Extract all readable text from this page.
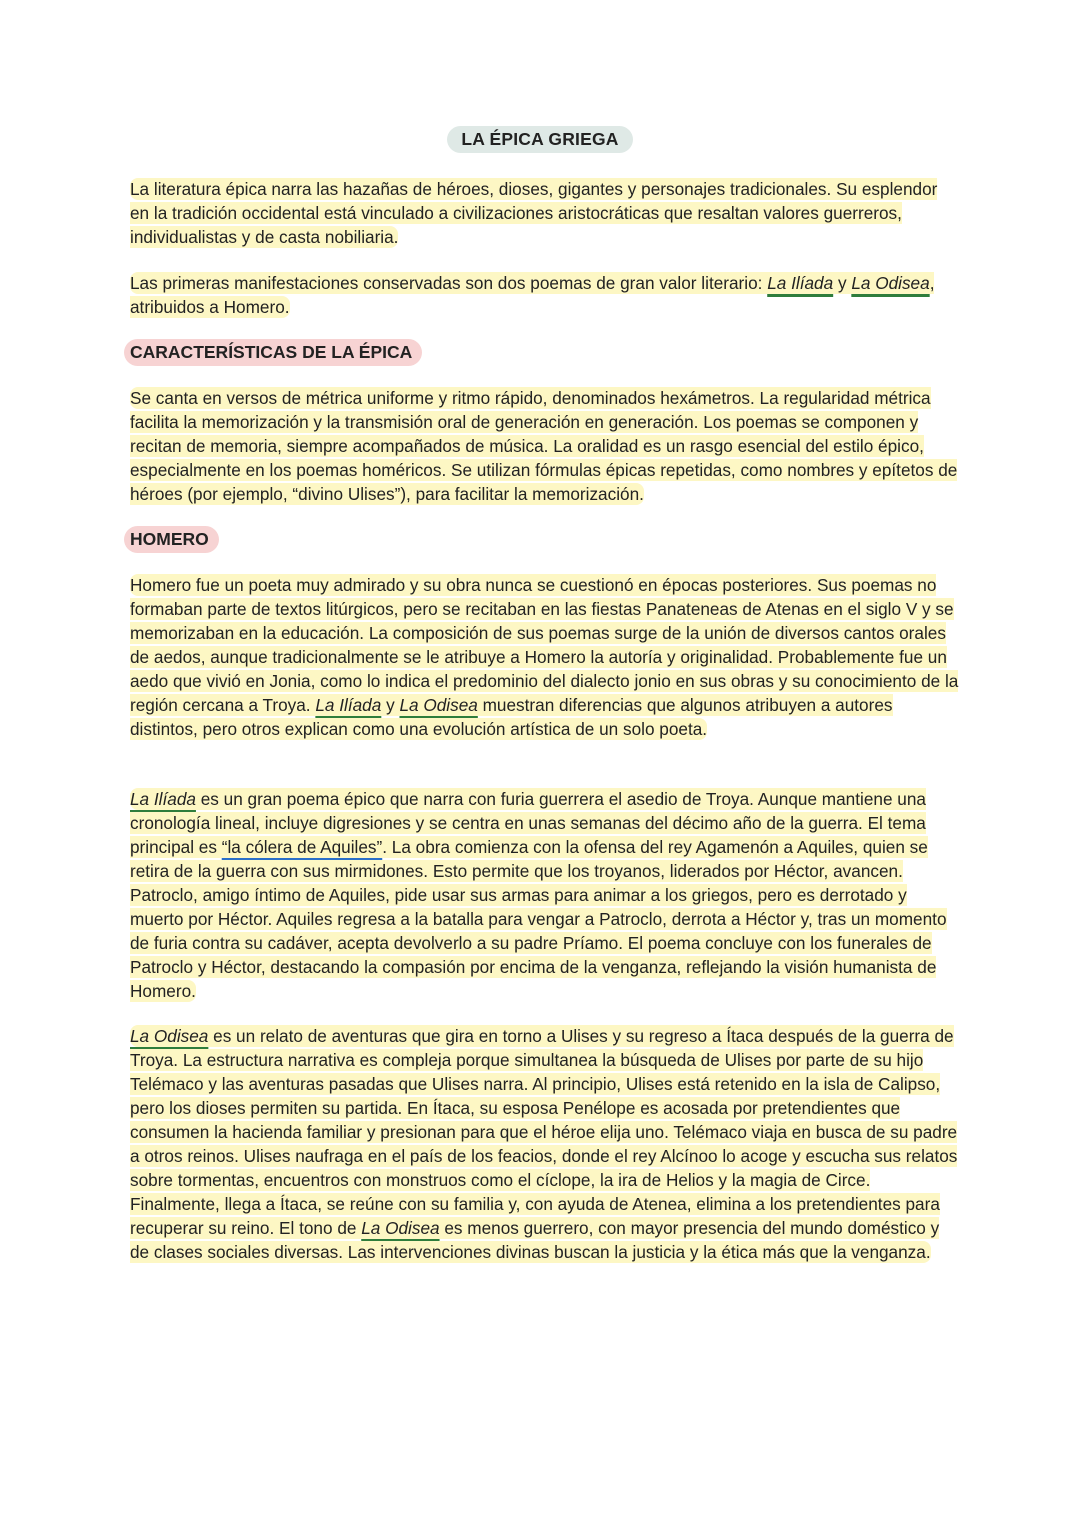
LA ÉPICA GRIEGA

La literatura épica narra las hazañas de héroes, dioses, gigantes y personajes tradicionales. Su esplendor en la tradición occidental está vinculado a civilizaciones aristocráticas que resaltan valores guerreros, individualistas y de casta nobiliaria.

Las primeras manifestaciones conservadas son dos poemas de gran valor literario: La Ilíada y La Odisea, atribuidos a Homero.

CARACTERÍSTICAS DE LA ÉPICA

Se canta en versos de métrica uniforme y ritmo rápido, denominados hexámetros. La regularidad métrica facilita la memorización y la transmisión oral de generación en generación. Los poemas se componen y recitan de memoria, siempre acompañados de música. La oralidad es un rasgo esencial del estilo épico, especialmente en los poemas homéricos. Se utilizan fórmulas épicas repetidas, como nombres y epítetos de héroes (por ejemplo, “divino Ulises”), para facilitar la memorización.

HOMERO

Homero fue un poeta muy admirado y su obra nunca se cuestionó en épocas posteriores. Sus poemas no formaban parte de textos litúrgicos, pero se recitaban en las fiestas Panateneas de Atenas en el siglo V y se memorizaban en la educación. La composición de sus poemas surge de la unión de diversos cantos orales de aedos, aunque tradicionalmente se le atribuye a Homero la autoría y originalidad. Probablemente fue un aedo que vivió en Jonia, como lo indica el predominio del dialecto jonio en sus obras y su conocimiento de la región cercana a Troya. La Ilíada y La Odisea muestran diferencias que algunos atribuyen a autores distintos, pero otros explican como una evolución artística de un solo poeta.

La Ilíada es un gran poema épico que narra con furia guerrera el asedio de Troya. Aunque mantiene una cronología lineal, incluye digresiones y se centra en unas semanas del décimo año de la guerra. El tema principal es “la cólera de Aquiles”. La obra comienza con la ofensa del rey Agamenón a Aquiles, quien se retira de la guerra con sus mirmidones. Esto permite que los troyanos, liderados por Héctor, avancen. Patroclo, amigo íntimo de Aquiles, pide usar sus armas para animar a los griegos, pero es derrotado y muerto por Héctor. Aquiles regresa a la batalla para vengar a Patroclo, derrota a Héctor y, tras un momento de furia contra su cadáver, acepta devolverlo a su padre Príamo. El poema concluye con los funerales de Patroclo y Héctor, destacando la compasión por encima de la venganza, reflejando la visión humanista de Homero.

La Odisea es un relato de aventuras que gira en torno a Ulises y su regreso a Ítaca después de la guerra de Troya. La estructura narrativa es compleja porque simultanea la búsqueda de Ulises por parte de su hijo Telémaco y las aventuras pasadas que Ulises narra. Al principio, Ulises está retenido en la isla de Calipso, pero los dioses permiten su partida. En Ítaca, su esposa Penélope es acosada por pretendientes que consumen la hacienda familiar y presionan para que el héroe elija uno. Telémaco viaja en busca de su padre a otros reinos. Ulises naufraga en el país de los feacios, donde el rey Alcínoo lo acoge y escucha sus relatos sobre tormentas, encuentros con monstruos como el cíclope, la ira de Helios y la magia de Circe. Finalmente, llega a Ítaca, se reúne con su familia y, con ayuda de Atenea, elimina a los pretendientes para recuperar su reino. El tono de La Odisea es menos guerrero, con mayor presencia del mundo doméstico y de clases sociales diversas. Las intervenciones divinas buscan la justicia y la ética más que la venganza.
